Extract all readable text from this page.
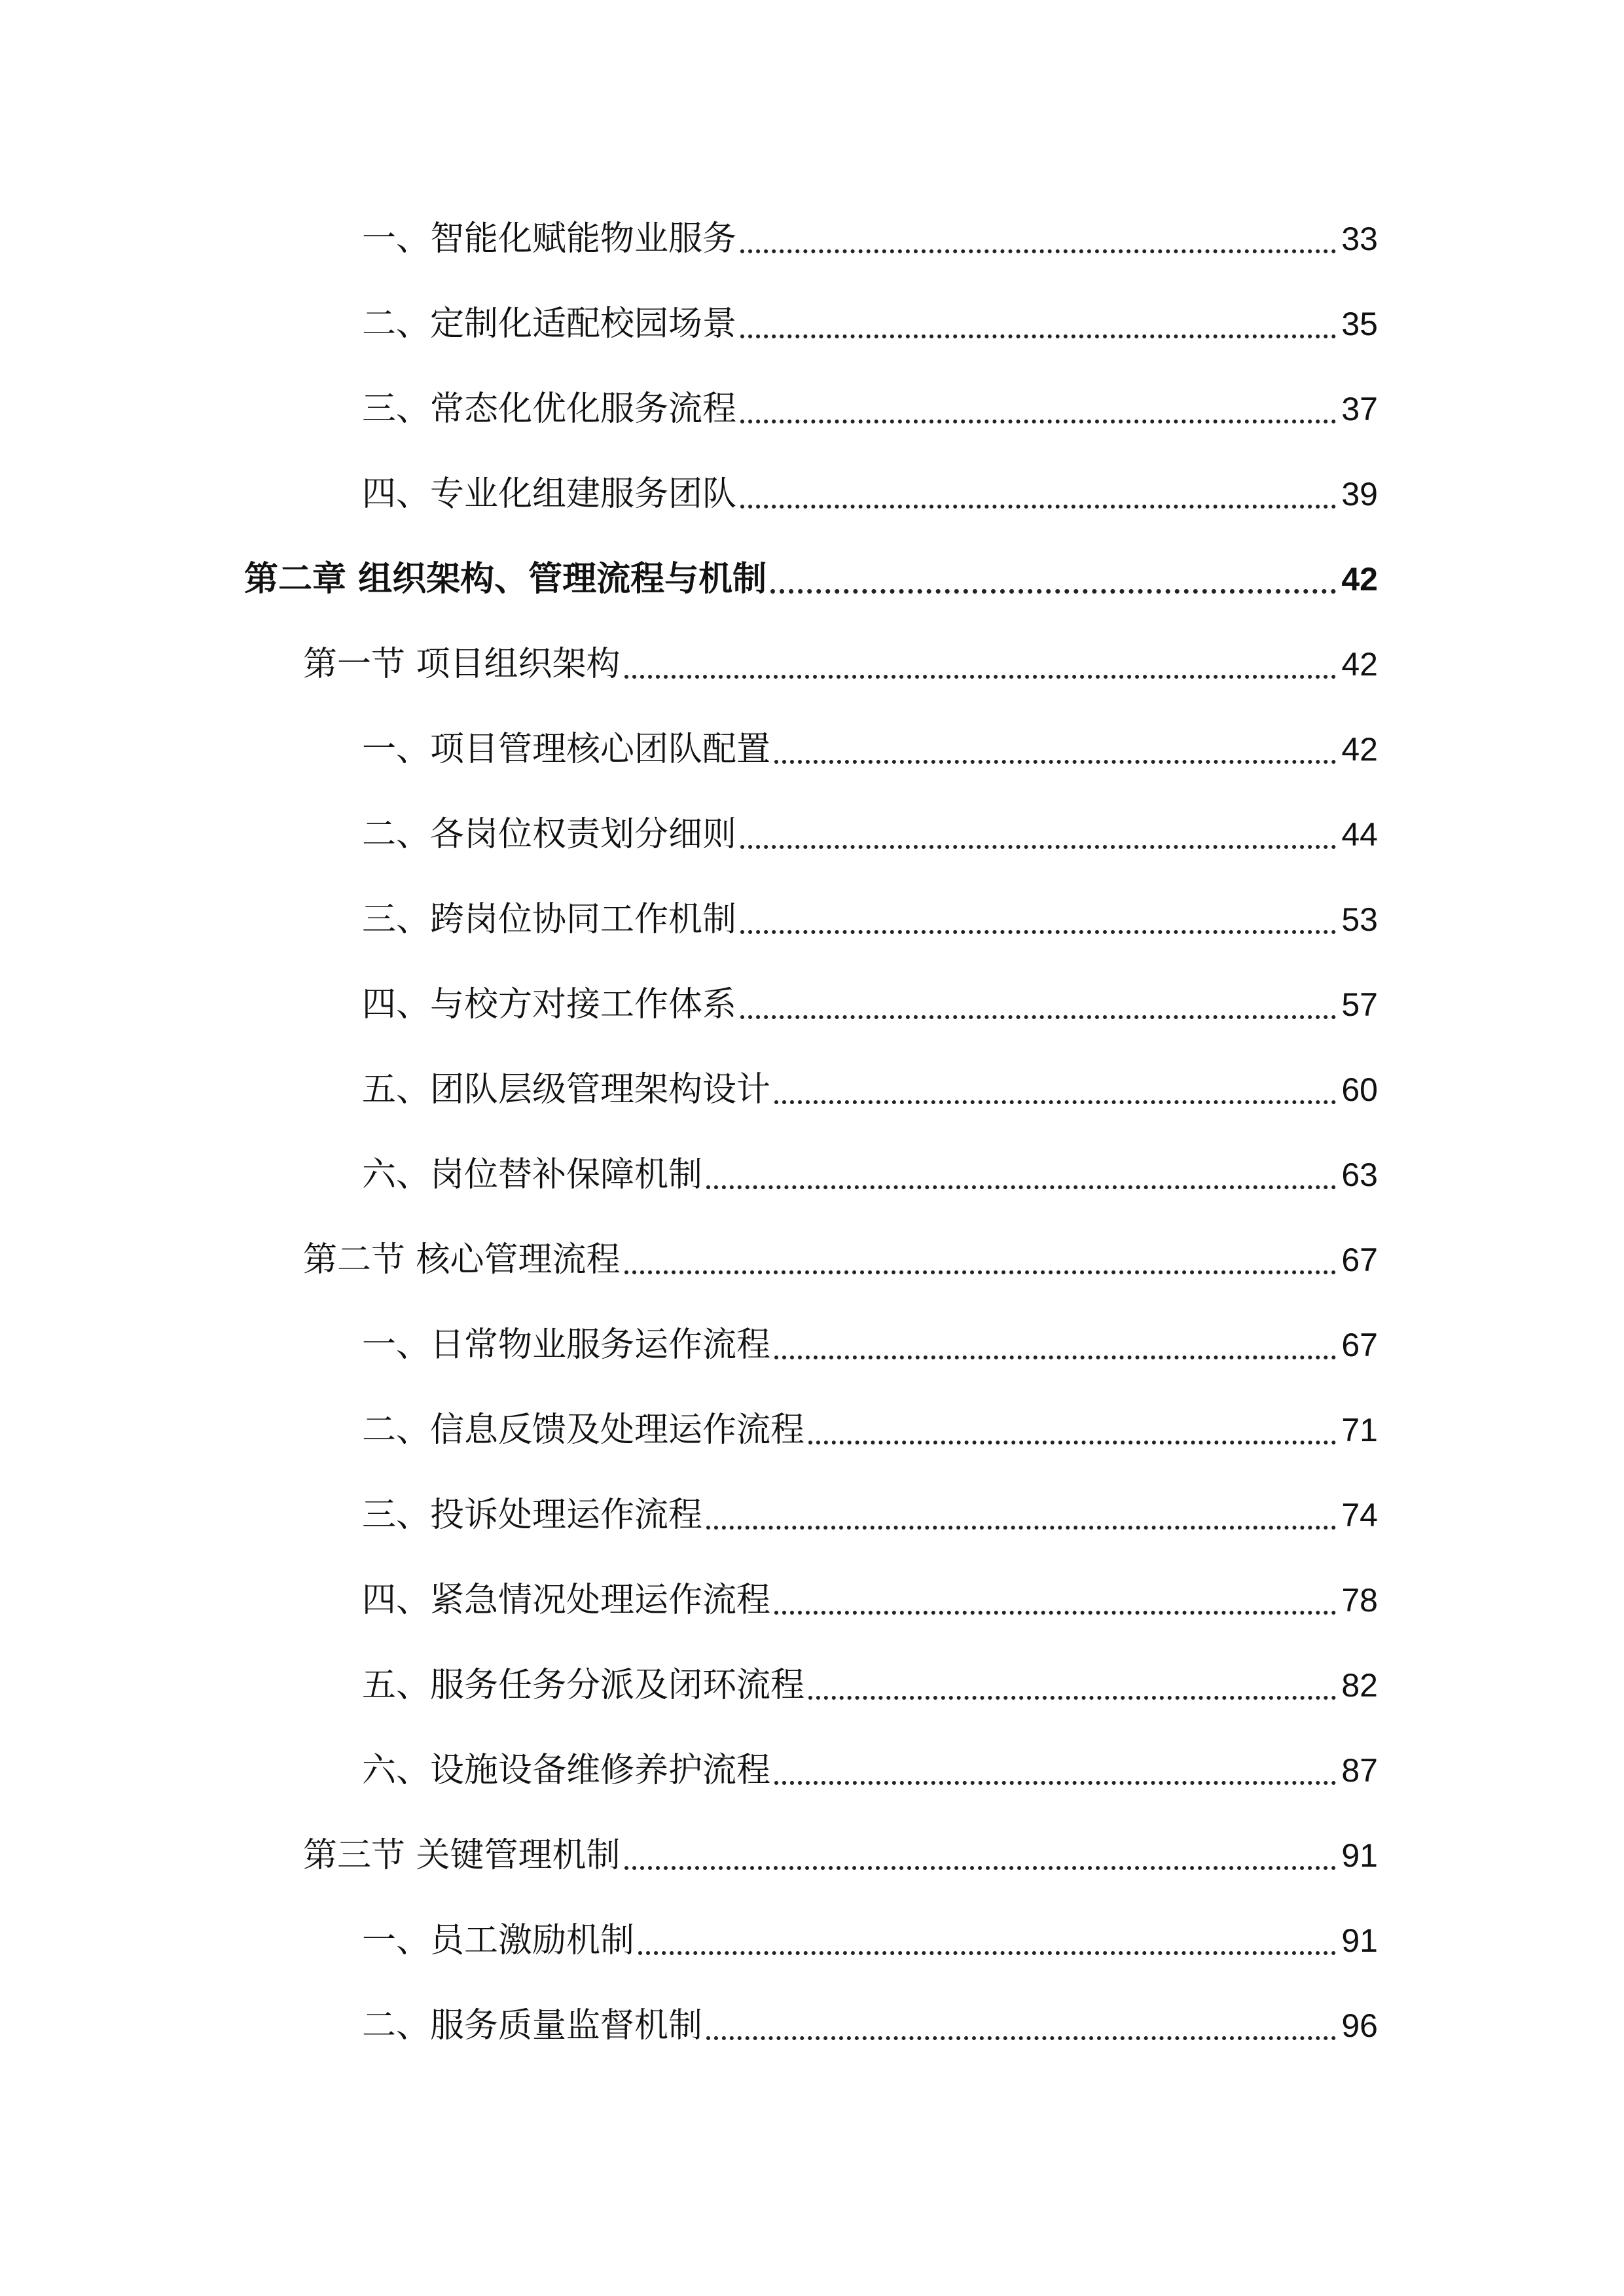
一、智能化赋能物业服务	33
二、定制化适配校园场景	35
三、常态化优化服务流程	37
四、专业化组建服务团队	39
第二章 组织架构、管理流程与机制	42
第一节 项目组织架构	42
一、项目管理核心团队配置	42
二、各岗位权责划分细则	44
三、跨岗位协同工作机制	53
四、与校方对接工作体系	57
五、团队层级管理架构设计	60
六、岗位替补保障机制	63
第二节 核心管理流程	67
一、日常物业服务运作流程	67
二、信息反馈及处理运作流程	71
三、投诉处理运作流程	74
四、紧急情况处理运作流程	78
五、服务任务分派及闭环流程	82
六、设施设备维修养护流程	87
第三节 关键管理机制	91
一、员工激励机制	91
二、服务质量监督机制	96
